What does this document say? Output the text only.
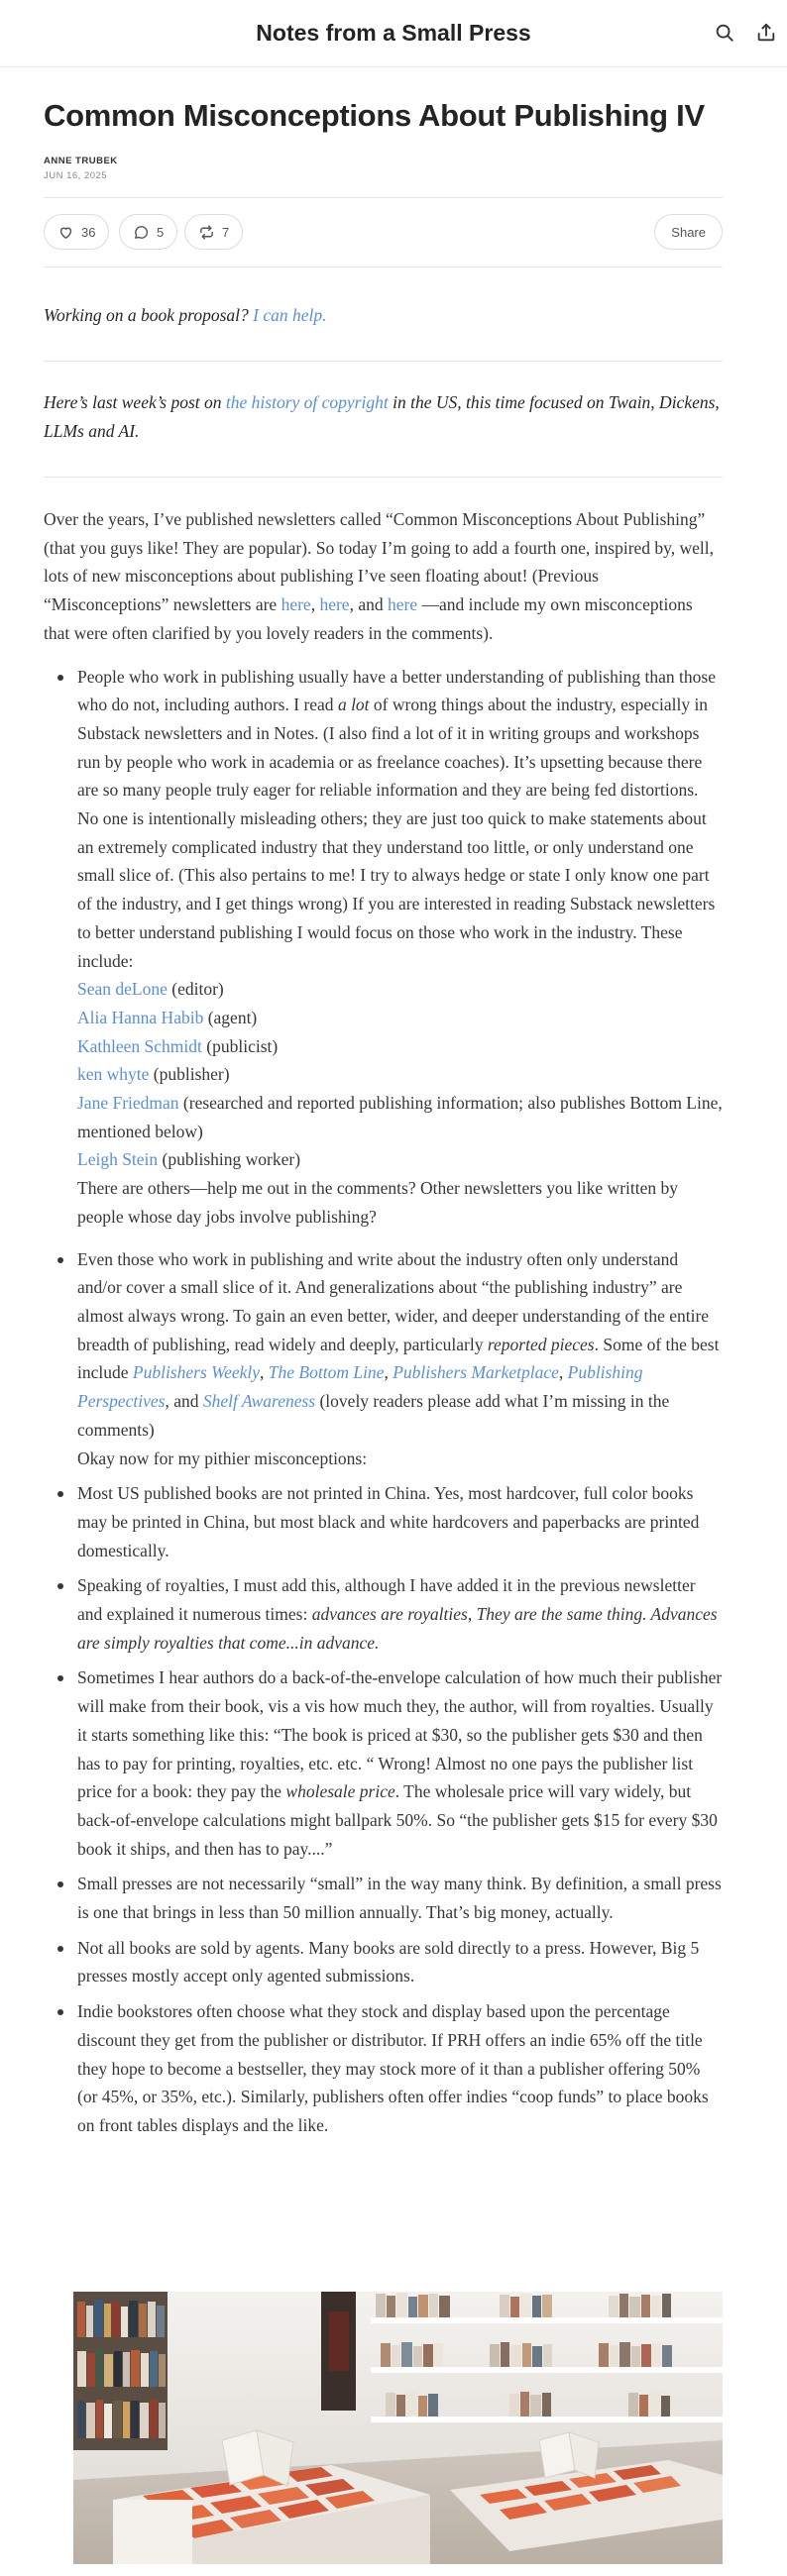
Notes from a Small Press
Common Misconceptions About Publishing IV
ANNE TRUBEK
JUN 16, 2025
36	5	7	Share

Working on a book proposal? I can help.

Here’s last week’s post on the history of copyright in the US, this time focused on Twain, Dickens, LLMs and AI.

Over the years, I’ve published newsletters called “Common Misconceptions About Publishing” (that you guys like! They are popular). So today I’m going to add a fourth one, inspired by, well, lots of new misconceptions about publishing I’ve seen floating about! (Previous “Misconceptions” newsletters are here, here, and here —and include my own misconceptions that were often clarified by you lovely readers in the comments).

People who work in publishing usually have a better understanding of publishing than those who do not, including authors. I read a lot of wrong things about the industry, especially in Substack newsletters and in Notes. (I also find a lot of it in writing groups and workshops run by people who work in academia or as freelance coaches). It’s upsetting because there are so many people truly eager for reliable information and they are being fed distortions. No one is intentionally misleading others; they are just too quick to make statements about an extremely complicated industry that they understand too little, or only understand one small slice of. (This also pertains to me! I try to always hedge or state I only know one part of the industry, and I get things wrong) If you are interested in reading Substack newsletters to better understand publishing I would focus on those who work in the industry. These include:
Sean deLone (editor)
Alia Hanna Habib (agent)
Kathleen Schmidt (publicist)
ken whyte (publisher)
Jane Friedman (researched and reported publishing information; also publishes Bottom Line, mentioned below)
Leigh Stein (publishing worker)
There are others—help me out in the comments? Other newsletters you like written by people whose day jobs involve publishing?
Even those who work in publishing and write about the industry often only understand and/or cover a small slice of it. And generalizations about “the publishing industry” are almost always wrong. To gain an even better, wider, and deeper understanding of the entire breadth of publishing, read widely and deeply, particularly reported pieces. Some of the best include Publishers Weekly, The Bottom Line, Publishers Marketplace, Publishing Perspectives, and Shelf Awareness (lovely readers please add what I’m missing in the comments)
Okay now for my pithier misconceptions:
Most US published books are not printed in China. Yes, most hardcover, full color books may be printed in China, but most black and white hardcovers and paperbacks are printed domestically.
Speaking of royalties, I must add this, although I have added it in the previous newsletter and explained it numerous times: advances are royalties, They are the same thing. Advances are simply royalties that come...in advance.
Sometimes I hear authors do a back-of-the-envelope calculation of how much their publisher will make from their book, vis a vis how much they, the author, will from royalties. Usually it starts something like this: “The book is priced at $30, so the publisher gets $30 and then has to pay for printing, royalties, etc. etc. “ Wrong! Almost no one pays the publisher list price for a book: they pay the wholesale price. The wholesale price will vary widely, but back-of-envelope calculations might ballpark 50%. So “the publisher gets $15 for every $30 book it ships, and then has to pay....”
Small presses are not necessarily “small” in the way many think. By definition, a small press is one that brings in less than 50 million annually. That’s big money, actually.
Not all books are sold by agents. Many books are sold directly to a press. However, Big 5 presses mostly accept only agented submissions.
Indie bookstores often choose what they stock and display based upon the percentage discount they get from the publisher or distributor. If PRH offers an indie 65% off the title they hope to become a bestseller, they may stock more of it than a publisher offering 50% (or 45%, or 35%, etc.). Similarly, publishers often offer indies “coop funds” to place books on front tables displays and the like.
